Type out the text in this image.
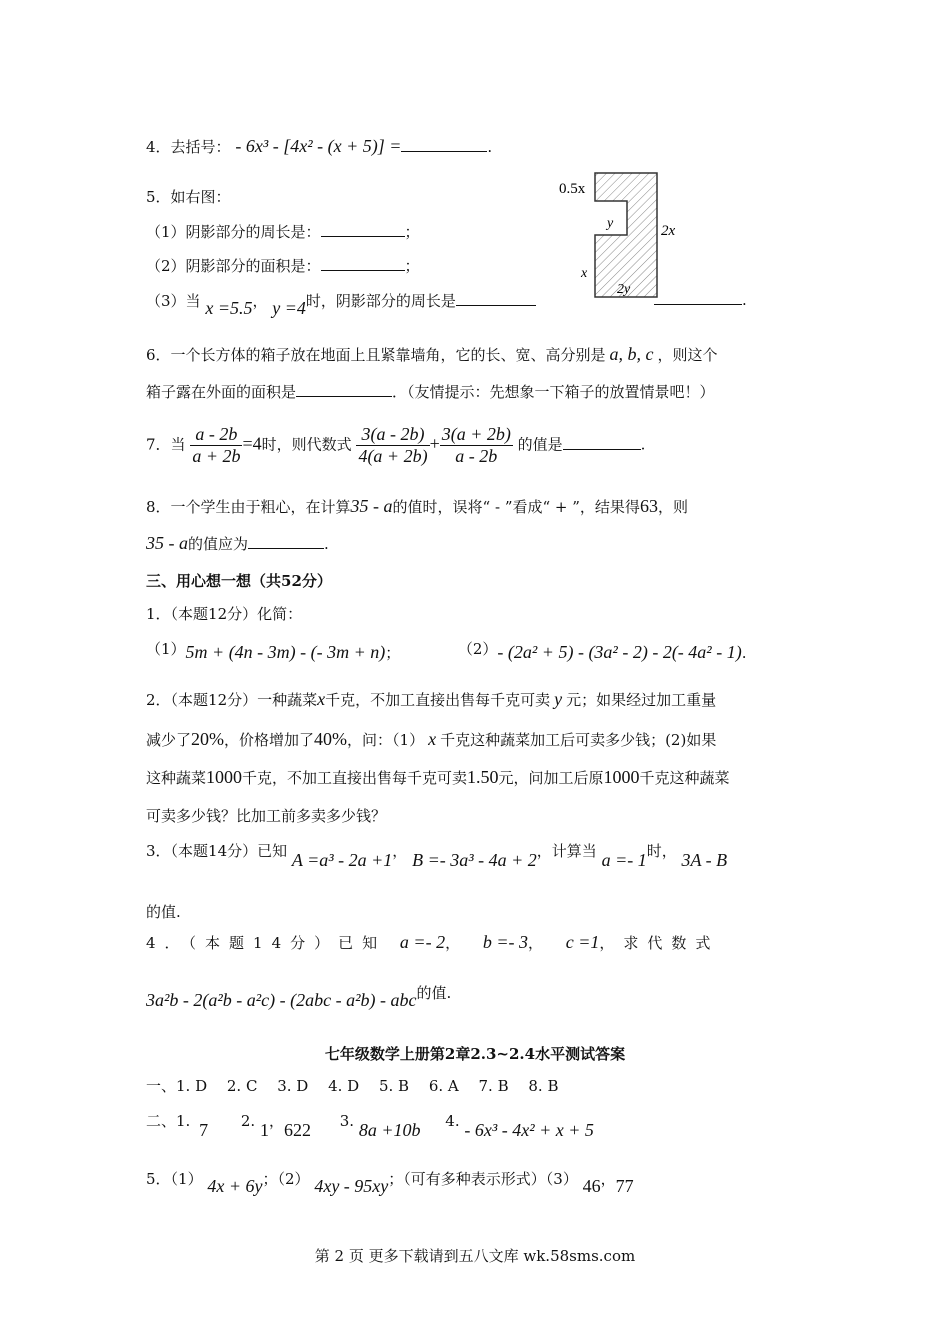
4．去括号： - 6x³ - [4x² - (x + 5)] =	.
5．如右图：
（1）阴影部分的周长是：	；
（2）阴影部分的面积是：	；
（3）当 x =5.5， y =4时，阴影部分的周长是	.
0.5x
y	2x
x
2y
6．一个长方体的箱子放在地面上且紧靠墙角，它的长、宽、高分别是 a, b, c ，则这个
箱子露在外面的面积是	．（友情提示：先想象一下箱子的放置情景吧！）
7．当 $\frac{a - 2b}{a + 2b} =4$时，则代数式 $\frac{3(a - 2b)}{4(a + 2b)} + \frac{3(a + 2b)}{a - 2b}$ 的值是	.
8．一个学生由于粗心，在计算35 - a的值时，误将“ - ”看成“ + ”，结果得63，则
35 - a的值应为	.
三、用心想一想（共52分）
1．（本题12分）化简：
（1）5m + (4n - 3m) - (- 3m + n)；	（2）- (2a² + 5) - (3a² - 2) - 2(- 4a² - 1).
2．（本题12分）一种蔬菜x千克，不加工直接出售每千克可卖 y 元；如果经过加工重量
减少了20%，价格增加了40%，问：（1） x 千克这种蔬菜加工后可卖多少钱；(2)如果
这种蔬菜1000千克，不加工直接出售每千克可卖1.50元，问加工后原1000千克这种蔬菜
可卖多少钱？比加工前多卖多少钱？
3．（本题14分）已知 A =a³ - 2a +1， B =- 3a³ - 4a + 2，计算当 a =- 1时， 3A - B
的值.
4．（本题14分）已知 a =- 2， b =- 3， c =1，求代数式
3a²b - 2(a²b - a²c) - (2abc - a²b) - abc的值.
七年级数学上册第2章2.3~2.4水平测试答案
一、1. D　 2. C　 3. D　 4. D　 5. B　 6. A　 7. B　 8. B
二、1. 7 2. 1，622 3. 8a +10b 4. - 6x³ - 4x² + x + 5
5．（1） 4x + 6y；（2） 4xy - 95xy；（可有多种表示形式）（3） 46，77
第 2 页 更多下载请到五八文库 wk.58sms.com
